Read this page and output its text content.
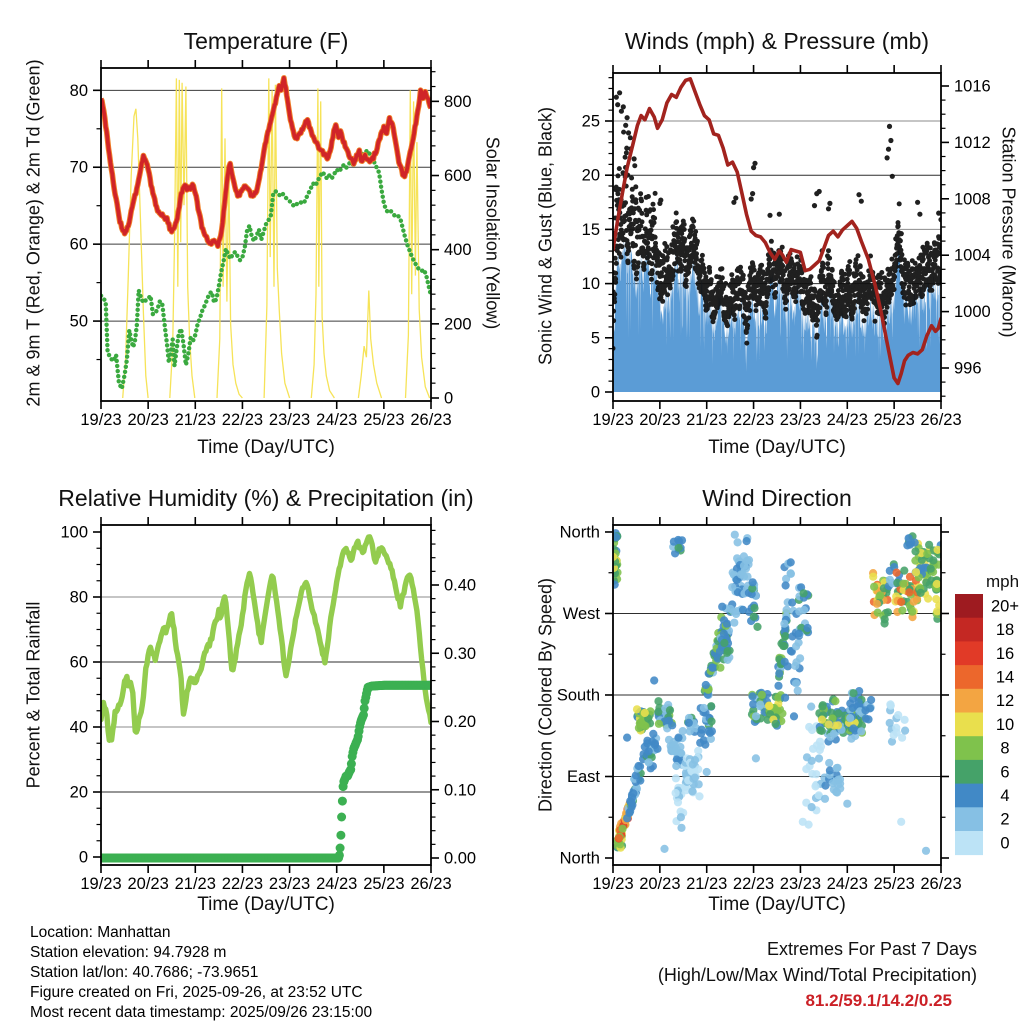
19/23 20/23 21/23 22/23 23/23 24/23 25/23 26/23
80
70
60
50
800
600
400
200
0
19/23 20/23 21/23 22/23 23/23 24/23 25/23 26/23
25
20
15
10
5
0
1016
1012
1008
1004
1000
996
19/23 20/23 21/23 22/23 23/23 24/23 25/23 26/23
100
80
60
40
20
0
0.40
0.30
0.20
0.10
0.00
19/23 20/23 21/23 22/23 23/23 24/23 25/23 26/23
North
West
South
East
North
20+
18
16
14
12
10
8
6
4
2
0
Temperature (F)	Winds (mph) & Pressure (mb)
Relative Humidity (%) & Precipitation (in)	Wind Direction
Time (Day/UTC)	Time (Day/UTC)
Time (Day/UTC)	Time (Day/UTC)
2m & 9m T (Red, Orange) & 2m Td (Green)	Solar Insolation (Yellow) Sonic Wind & Gust (Blue, Black)	Station Pressure (Maroon)
Percent & Total Rainfall	Direction (Colored By Speed)	mph
Location: Manhattan
Station elevation: 94.7928 m
Station lat/lon: 40.7686; -73.9651
Figure created on Fri, 2025-09-26, at 23:52 UTC
Most recent data timestamp: 2025/09/26 23:15:00
Extremes For Past 7 Days
(High/Low/Max Wind/Total Precipitation)
81.2/59.1/14.2/0.25
